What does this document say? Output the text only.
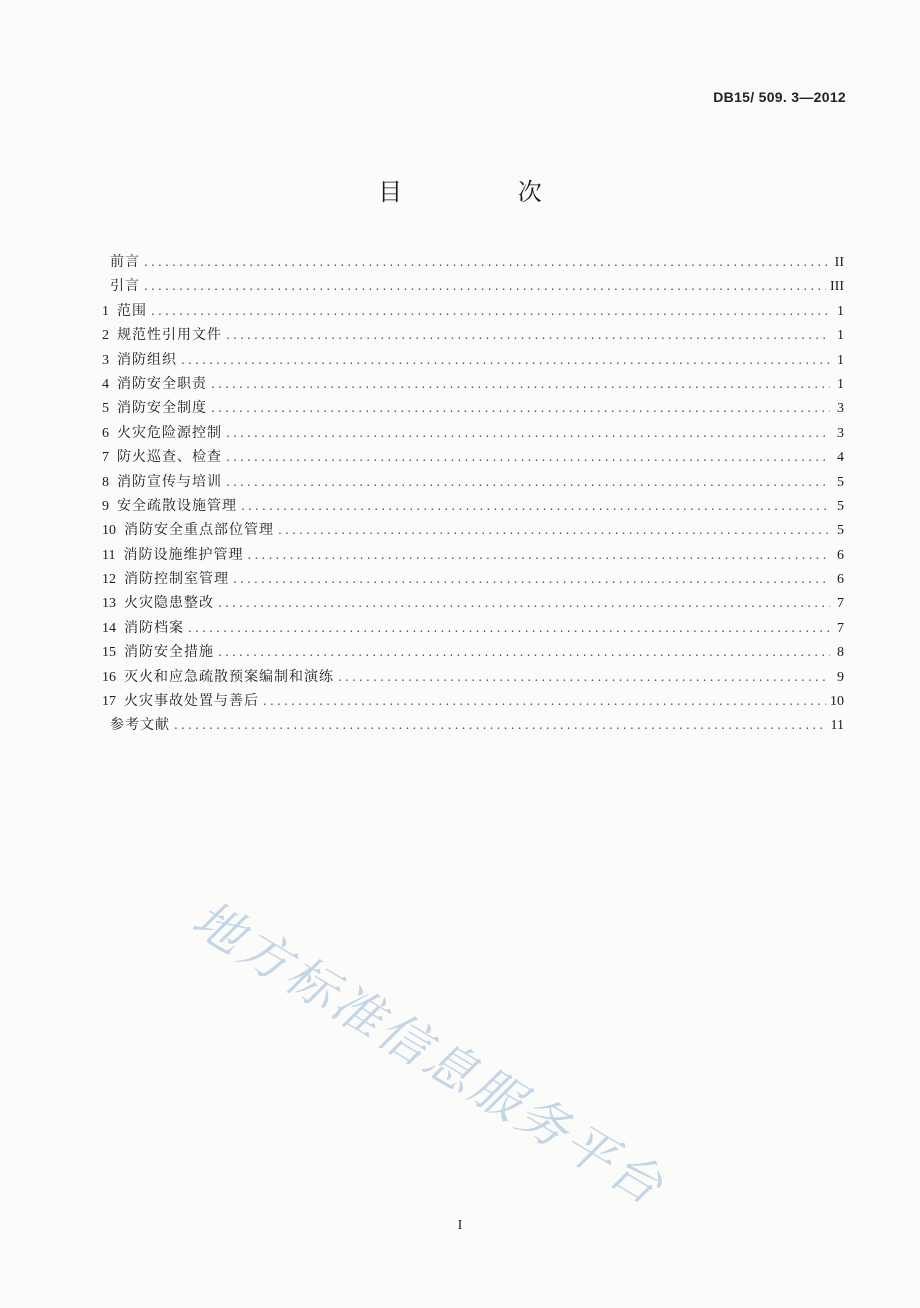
DB15/ 509. 3—2012
目 次
前言 .....	II
引言 .....	III
1 范围 .....	1
2 规范性引用文件 .....	1
3 消防组织 .....	1
4 消防安全职责 .....	1
5 消防安全制度 .....	3
6 火灾危险源控制 .....	3
7 防火巡查、检查 .....	4
8 消防宣传与培训 .....	5
9 安全疏散设施管理 .....	5
10 消防安全重点部位管理 .....	5
11 消防设施维护管理 .....	6
12 消防控制室管理 .....	6
13 火灾隐患整改 .....	7
14 消防档案 .....	7
15 消防安全措施 .....	8
16 灭火和应急疏散预案编制和演练 .....	9
17 火灾事故处置与善后 .....	10
参考文献 .....	11
地方标准信息服务平台
I
